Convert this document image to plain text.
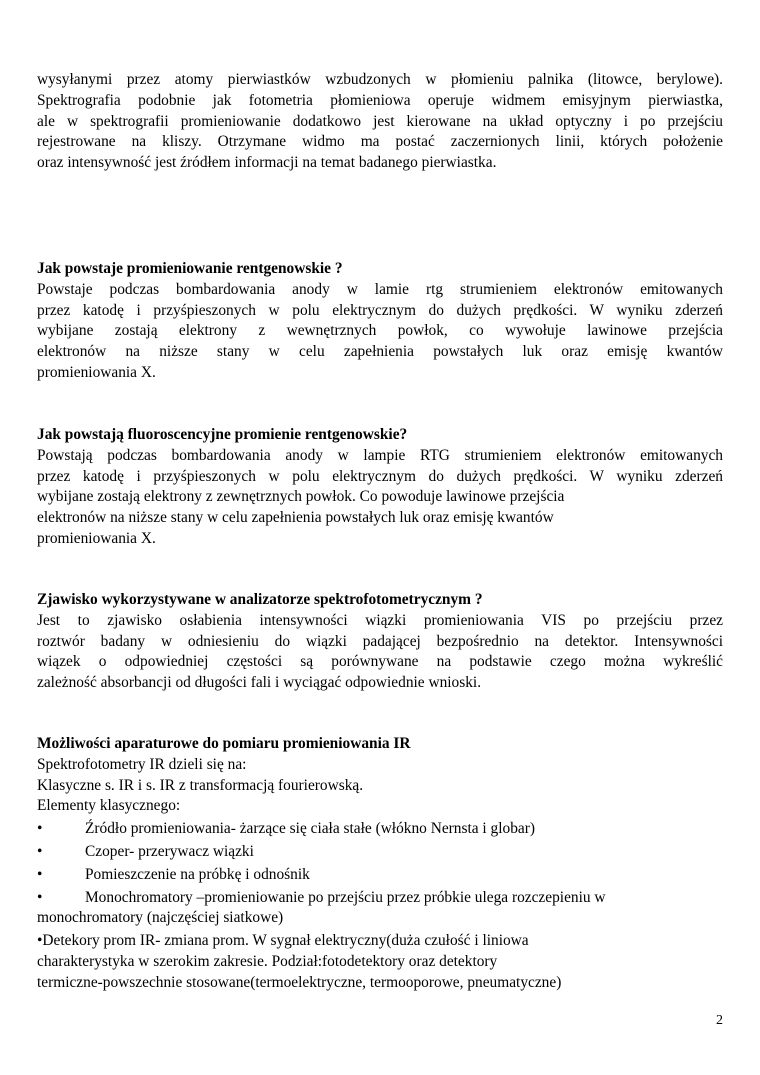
wysyłanymi przez atomy pierwiastków wzbudzonych w płomieniu palnika (litowce, berylowe).

Spektrografia podobnie jak fotometria płomieniowa operuje widmem emisyjnym pierwiastka,

ale w spektrografii promieniowanie dodatkowo jest kierowane na układ optyczny i po przejściu

rejestrowane na kliszy. Otrzymane widmo ma postać zaczernionych linii, których położenie

oraz intensywność jest źródłem informacji na temat badanego pierwiastka.

Jak powstaje promieniowanie rentgenowskie ?

Powstaje podczas bombardowania anody w lamie rtg strumieniem elektronów emitowanych

przez katodę i przyśpieszonych w polu elektrycznym do dużych prędkości. W wyniku zderzeń

wybijane zostają elektrony z wewnętrznych powłok, co wywołuje lawinowe przejścia

elektronów na niższe stany w celu zapełnienia powstałych luk oraz emisję kwantów

promieniowania X.

Jak powstają fluoroscencyjne promienie rentgenowskie?

Powstają podczas bombardowania anody w lampie RTG strumieniem elektronów emitowanych

przez katodę i przyśpieszonych w polu elektrycznym do dużych prędkości. W wyniku zderzeń

wybijane zostają elektrony z zewnętrznych powłok. Co powoduje lawinowe przejścia

elektronów na niższe stany w celu zapełnienia powstałych luk oraz emisję kwantów

promieniowania X.

Zjawisko wykorzystywane w analizatorze spektrofotometrycznym ?

Jest to zjawisko osłabienia intensywności wiązki promieniowania VIS po przejściu przez

roztwór badany w odniesieniu do wiązki padającej bezpośrednio na detektor. Intensywności

wiązek o odpowiedniej częstości są porównywane na podstawie czego można wykreślić

zależność absorbancji od długości fali i wyciągać odpowiednie wnioski.

Możliwości aparaturowe do pomiaru promieniowania IR

Spektrofotometry IR dzieli się na:

Klasyczne s. IR i s. IR z transformacją fourierowską.

Elementy klasycznego:

•	Źródło promieniowania- żarzące się ciała stałe (włókno Nernsta i globar)
•	Czoper- przerywacz wiązki
•	Pomieszczenie na próbkę i odnośnik

•	Monochromatory –promieniowanie po przejściu przez próbkie ulega rozczepieniu w

monochromatory (najczęściej siatkowe)

•Detekory prom IR- zmiana prom. W sygnał elektryczny(duża czułość i liniowa

charakterystyka w szerokim zakresie. Podział:fotodetektory oraz detektory

termiczne-powszechnie stosowane(termoelektryczne, termooporowe, pneumatyczne)

2
